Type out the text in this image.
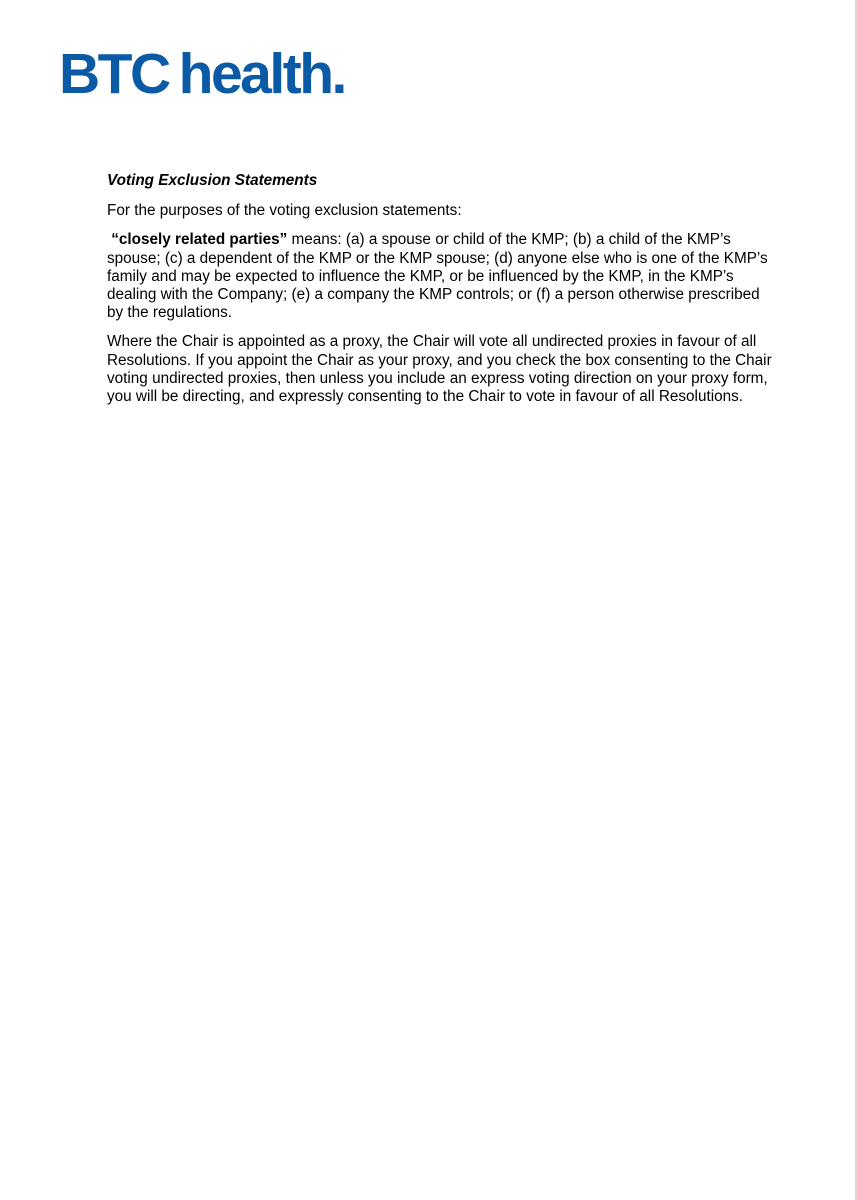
BTC health.
Voting Exclusion Statements
For the purposes of the voting exclusion statements:
“closely related parties” means: (a) a spouse or child of the KMP; (b) a child of the KMP’s spouse; (c) a dependent of the KMP or the KMP spouse; (d) anyone else who is one of the KMP’s family and may be expected to influence the KMP, or be influenced by the KMP, in the KMP’s dealing with the Company; (e) a company the KMP controls; or (f) a person otherwise prescribed by the regulations.
Where the Chair is appointed as a proxy, the Chair will vote all undirected proxies in favour of all Resolutions. If you appoint the Chair as your proxy, and you check the box consenting to the Chair voting undirected proxies, then unless you include an express voting direction on your proxy form, you will be directing, and expressly consenting to the Chair to vote in favour of all Resolutions.
